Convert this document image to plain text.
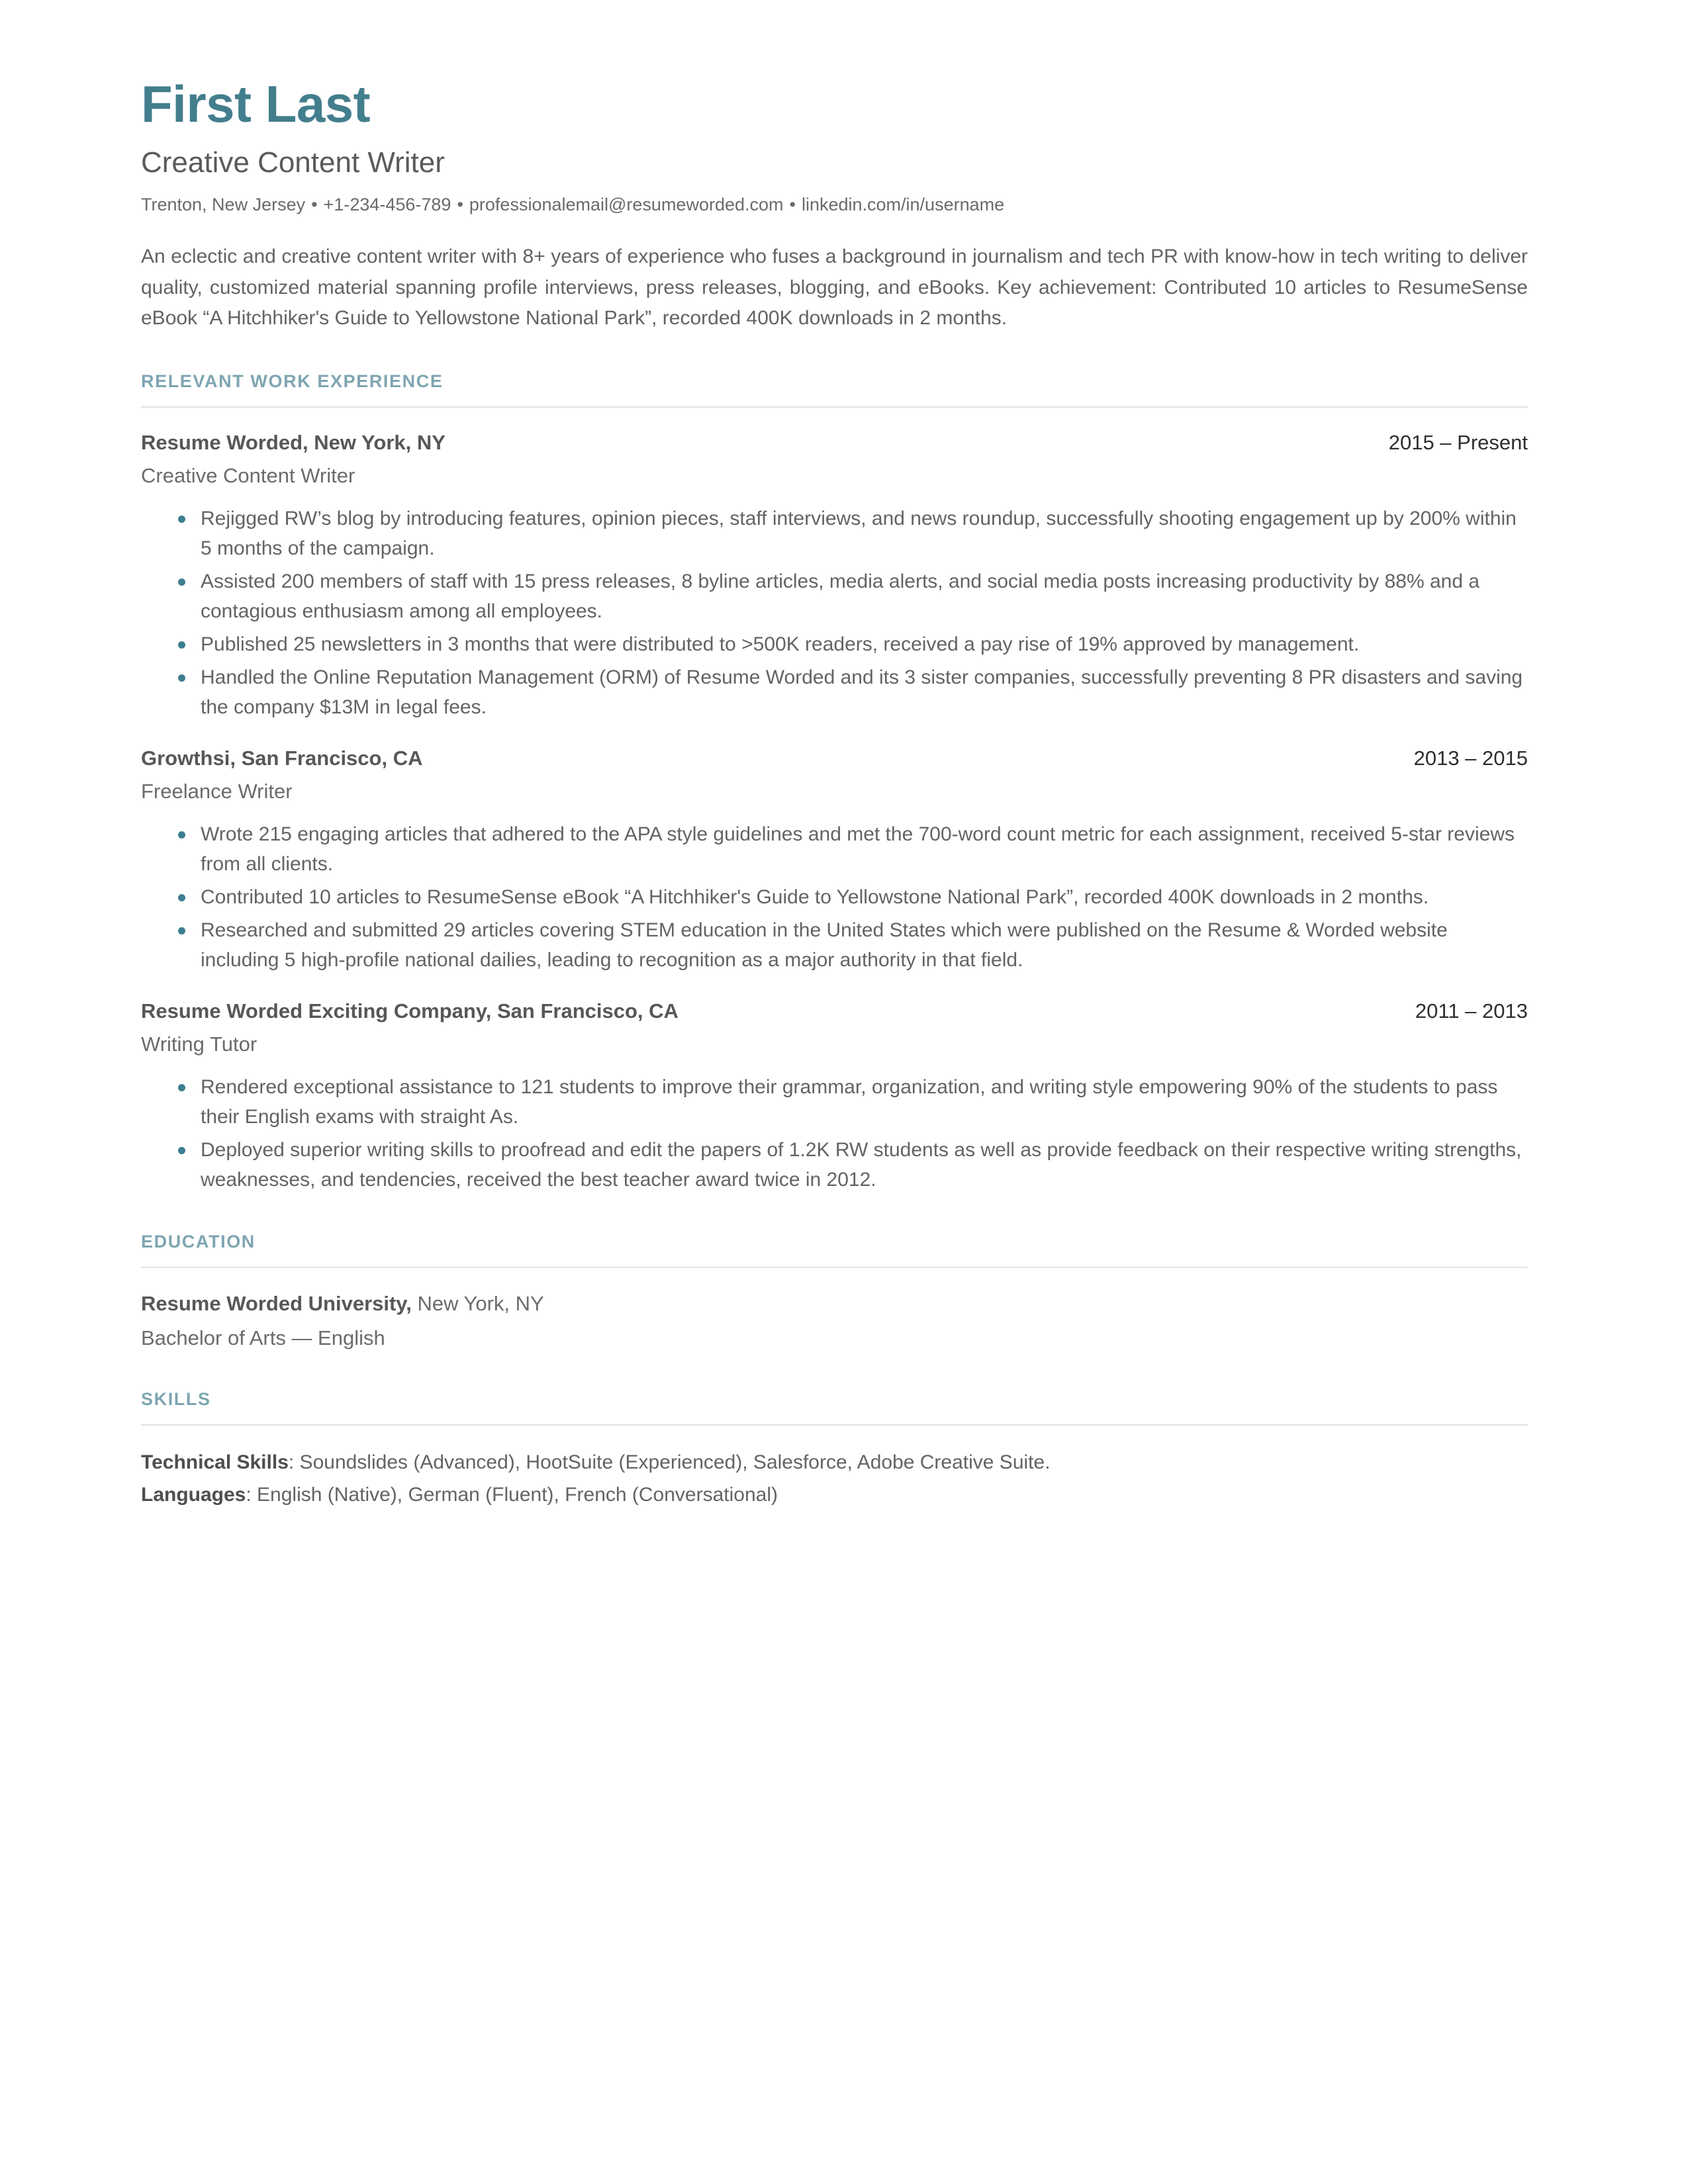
First Last
Creative Content Writer
Trenton, New Jersey • +1-234-456-789 • professionalemail@resumeworded.com • linkedin.com/in/username

An eclectic and creative content writer with 8+ years of experience who fuses a background in journalism and tech PR with know-how in tech writing to deliver quality, customized material spanning profile interviews, press releases, blogging, and eBooks. Key achievement: Contributed 10 articles to ResumeSense eBook “A Hitchhiker's Guide to Yellowstone National Park”, recorded 400K downloads in 2 months.

RELEVANT WORK EXPERIENCE
Resume Worded, New York, NY	2015 – Present
Creative Content Writer
Rejigged RW’s blog by introducing features, opinion pieces, staff interviews, and news roundup, successfully shooting engagement up by 200% within 5 months of the campaign.
Assisted 200 members of staff with 15 press releases, 8 byline articles, media alerts, and social media posts increasing productivity by 88% and a contagious enthusiasm among all employees.
Published 25 newsletters in 3 months that were distributed to >500K readers, received a pay rise of 19% approved by management.
Handled the Online Reputation Management (ORM) of Resume Worded and its 3 sister companies, successfully preventing 8 PR disasters and saving the company $13M in legal fees.
Growthsi, San Francisco, CA	2013 – 2015
Freelance Writer
Wrote 215 engaging articles that adhered to the APA style guidelines and met the 700-word count metric for each assignment, received 5-star reviews from all clients.
Contributed 10 articles to ResumeSense eBook “A Hitchhiker's Guide to Yellowstone National Park”, recorded 400K downloads in 2 months.
Researched and submitted 29 articles covering STEM education in the United States which were published on the Resume & Worded website including 5 high-profile national dailies, leading to recognition as a major authority in that field.
Resume Worded Exciting Company, San Francisco, CA	2011 – 2013
Writing Tutor
Rendered exceptional assistance to 121 students to improve their grammar, organization, and writing style empowering 90% of the students to pass their English exams with straight As.
Deployed superior writing skills to proofread and edit the papers of 1.2K RW students as well as provide feedback on their respective writing strengths, weaknesses, and tendencies, received the best teacher award twice in 2012.
EDUCATION
Resume Worded University, New York, NY
Bachelor of Arts — English
SKILLS
Technical Skills: Soundslides (Advanced), HootSuite (Experienced), Salesforce, Adobe Creative Suite.
Languages: English (Native), German (Fluent), French (Conversational)
